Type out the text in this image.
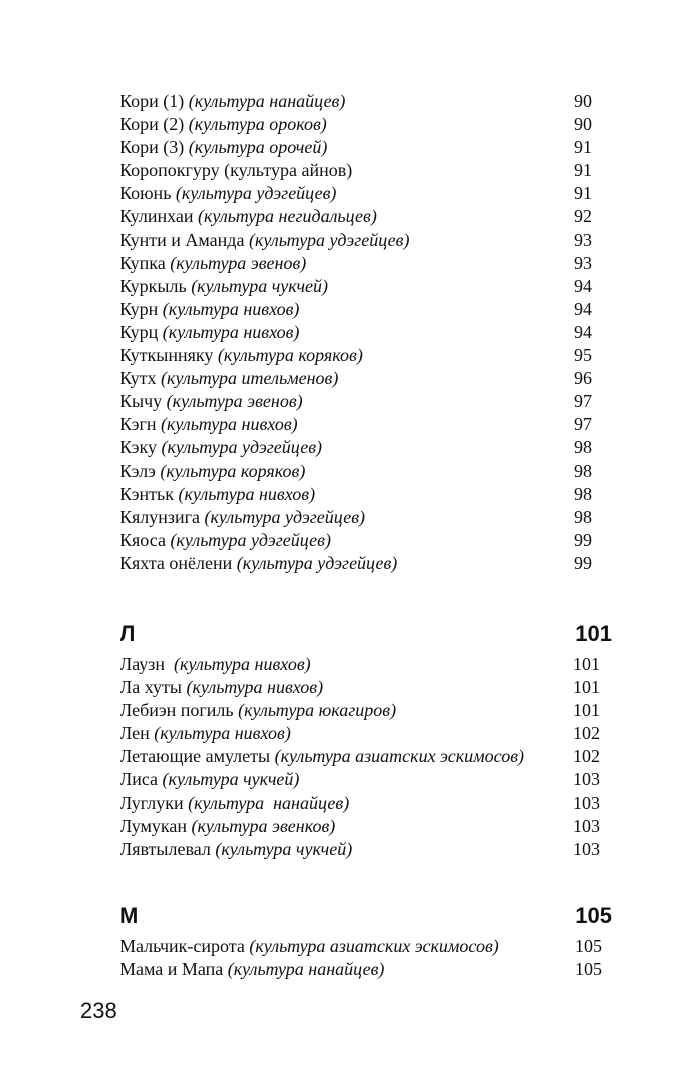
Кори (1) (культура нанайцев)	90
Кори (2) (культура ороков)	90
Кори (3) (культура орочей)	91
Коропокгуру (культура айнов)	91
Коюнь (культура удэгейцев)	91
Кулинхаи (культура негидальцев)	92
Кунти и Аманда (культура удэгейцев)	93
Купка (культура эвенов)	93
Куркыль (культура чукчей)	94
Курн (культура нивхов)	94
Курц (культура нивхов)	94
Куткынняку (культура коряков)	95
Кутх (культура ительменов)	96
Кычу (культура эвенов)	97
Кэгн (культура нивхов)	97
Кэку (культура удэгейцев)	98
Кэлэ (культура коряков)	98
Кэнтьк (культура нивхов)	98
Кялунзига (культура удэгейцев)	98
Кяоса (культура удэгейцев)	99
Кяхта онёлени (культура удэгейцев)	99
Л	101
Лаузн  (культура нивхов)	101
Ла хуты (культура нивхов)	101
Лебиэн погиль (культура юкагиров)	101
Лен (культура нивхов)	102
Летающие амулеты (культура азиатских эскимосов)	102
Лиса (культура чукчей)	103
Луглуки (культура  нанайцев)	103
Лумукан (культура эвенков)	103
Лявтылевал (культура чукчей)	103
М	105
Мальчик-сирота (культура азиатских эскимосов)	105
Мама и Мапа (культура нанайцев)	105
238
